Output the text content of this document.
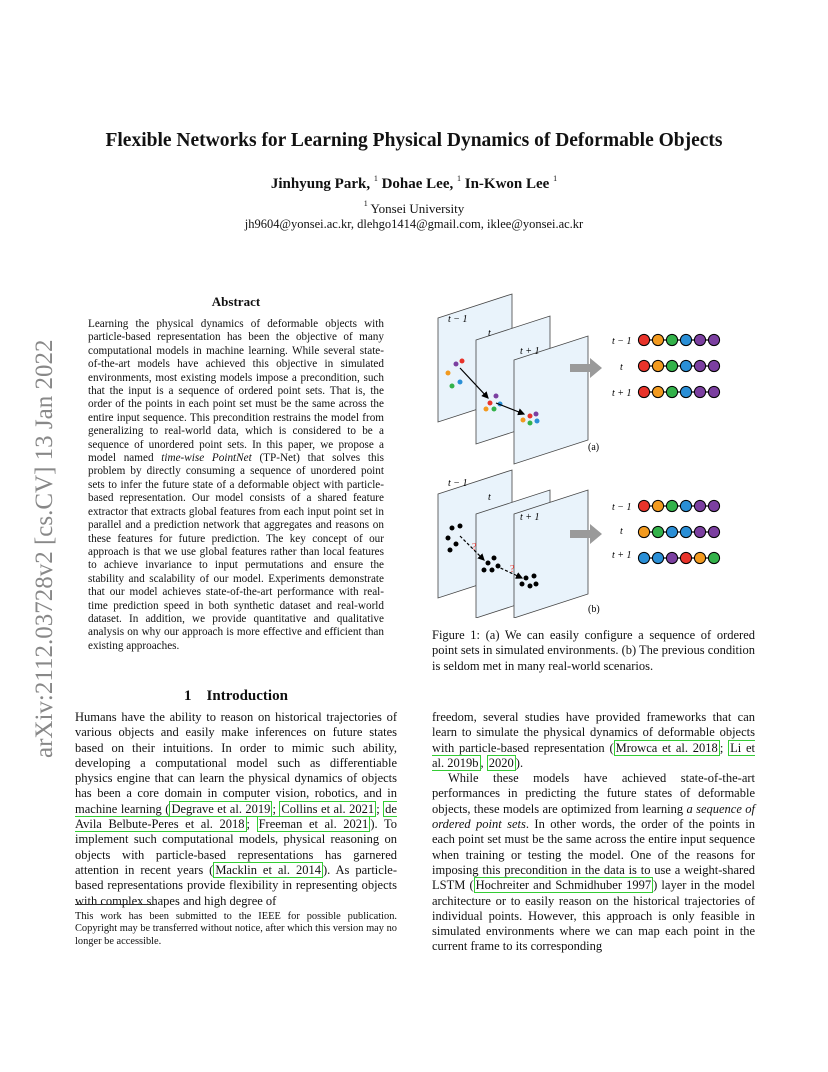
arXiv:2112.03728v2 [cs.CV] 13 Jan 2022
Flexible Networks for Learning Physical Dynamics of Deformable Objects
Jinhyung Park, $^1$ Dohae Lee, $^1$ In-Kwon Lee $^1$
$^1$ Yonsei University
jh9604@yonsei.ac.kr, dlehgo1414@gmail.com, iklee@yonsei.ac.kr
Abstract
Learning the physical dynamics of deformable objects with particle-based representation has been the objective of many computational models in machine learning. While several state-of-the-art models have achieved this objective in simulated environments, most existing models impose a precondition, such that the input is a sequence of ordered point sets. That is, the order of the points in each point set must be the same across the entire input sequence. This precondition restrains the model from generalizing to real-world data, which is considered to be a sequence of unordered point sets. In this paper, we propose a model named time-wise PointNet (TP-Net) that solves this problem by directly consuming a sequence of unordered point sets to infer the future state of a deformable object with particle-based representation. Our model consists of a shared feature extractor that extracts global features from each input point set in parallel and a prediction network that aggregates and reasons on these features for future prediction. The key concept of our approach is that we use global features rather than local features to achieve invariance to input permutations and ensure the stability and scalability of our model. Experiments demonstrate that our model achieves state-of-the-art performance with real-time prediction speed in both synthetic dataset and real-world dataset. In addition, we provide quantitative and qualitative analysis on why our approach is more effective and efficient than existing approaches.
1    Introduction
Humans have the ability to reason on historical trajectories of various objects and easily make inferences on future states based on their intuitions. In order to mimic such ability, developing a computational model such as differentiable physics engine that can learn the physical dynamics of objects has been a core domain in computer vision, robotics, and in machine learning ( Degrave et al. 2019 ; Collins et al. 2021 ; de Avila Belbute-Peres et al. 2018 ; Freeman et al. 2021 ). To implement such computational models, physical reasoning on objects with particle-based representations has garnered attention in recent years ( Macklin et al. 2014 ). As particle-based representations provide flexibility in representing objects with complex shapes and high degree of
This work has been submitted to the IEEE for possible publication. Copyright may be transferred without notice, after which this version may no longer be accessible.
freedom, several studies have provided frameworks that can learn to simulate the physical dynamics of deformable objects with particle-based representation ( Mrowca et al. 2018 ; Li et al. 2019b , 2020 ).
While these models have achieved state-of-the-art performances in predicting the future states of deformable objects, these models are optimized from learning a sequence of ordered point sets. In other words, the order of the points in each point set must be the same across the entire input sequence when training or testing the model. One of the reasons for imposing this precondition in the data is to use a weight-shared LSTM ( Hochreiter and Schmidhuber 1997 ) layer in the model architecture or to easily reason on the historical trajectories of individual points. However, this approach is only feasible in simulated environments where we can map each point in the current frame to its corresponding
t − 1
t
t + 1
t − 1
t
t + 1
(a)
t − 1
t
t + 1
?
?
t − 1
t
t + 1
(b)
Figure 1: (a) We can easily configure a sequence of ordered point sets in simulated environments. (b) The previous condition is seldom met in many real-world scenarios.
